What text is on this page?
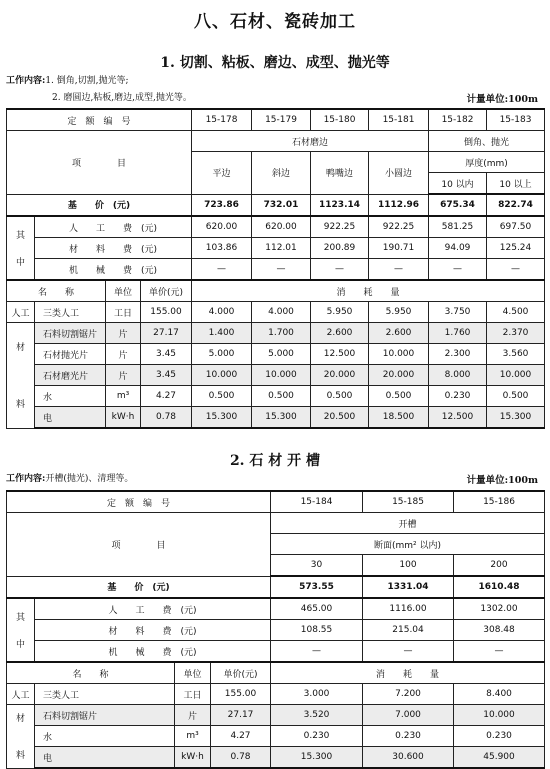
八、石材、瓷砖加工
1. 切割、粘板、磨边、成型、抛光等
工作内容:1. 倒角,切割,抛光等;
2. 磨圆边,粘板,磨边,成型,抛光等。	计量单位:100m
定　额　编　号				15-178	15-179	15-180	15-181	15-182	15-183
项　　　　目				石材磨边				倒角、抛光	
				平边	斜边	鸭嘴边	小圆边	厚度(mm)	
								10 以内	10 以上
基　　价　(元)				723.86	732.01	1123.14	1112.96	675.34	822.74

其
中	人　　工　　费　(元)			620.00	620.00	922.25	922.25	581.25	697.50
	材　　料　　费　(元)			103.86	112.01	200.89	190.71	94.09	125.24
	机　　械　　费　(元)			—	—	—	—	—	—
名　　称		单位	单价(元)	消　　耗　　量					
人工	三类人工	工日	155.00	4.000	4.000	5.950	5.950	3.750	4.500

材
料	石料切割锯片	片	27.17	1.400	1.700	2.600	2.600	1.760	2.370
	石材抛光片	片	3.45	5.000	5.000	12.500	10.000	2.300	3.560
	石材磨光片	片	3.45	10.000	10.000	20.000	20.000	8.000	10.000
	水	m³	4.27	0.500	0.500	0.500	0.500	0.230	0.500
	电	kW·h	0.78	15.300	15.300	20.500	18.500	12.500	15.300
2. 石 材 开 槽
工作内容:开槽(抛光)、清理等。	计量单位:100m
定　额　编　号				15-184	15-185	15-186
项　　　　目				开槽		
				断面(mm² 以内)		
				30	100	200
基　　价　(元)				573.55	1331.04	1610.48

其
中	人　　工　　费　(元)			465.00	1116.00	1302.00
	材　　料　　费　(元)			108.55	215.04	308.48
	机　　械　　费　(元)			—	—	—
名　　称		单位	单价(元)	消　　耗　　量		
人工	三类人工	工日	155.00	3.000	7.200	8.400

材
料	石料切割锯片	片	27.17	3.520	7.000	10.000
	水	m³	4.27	0.230	0.230	0.230
	电	kW·h	0.78	15.300	30.600	45.900
